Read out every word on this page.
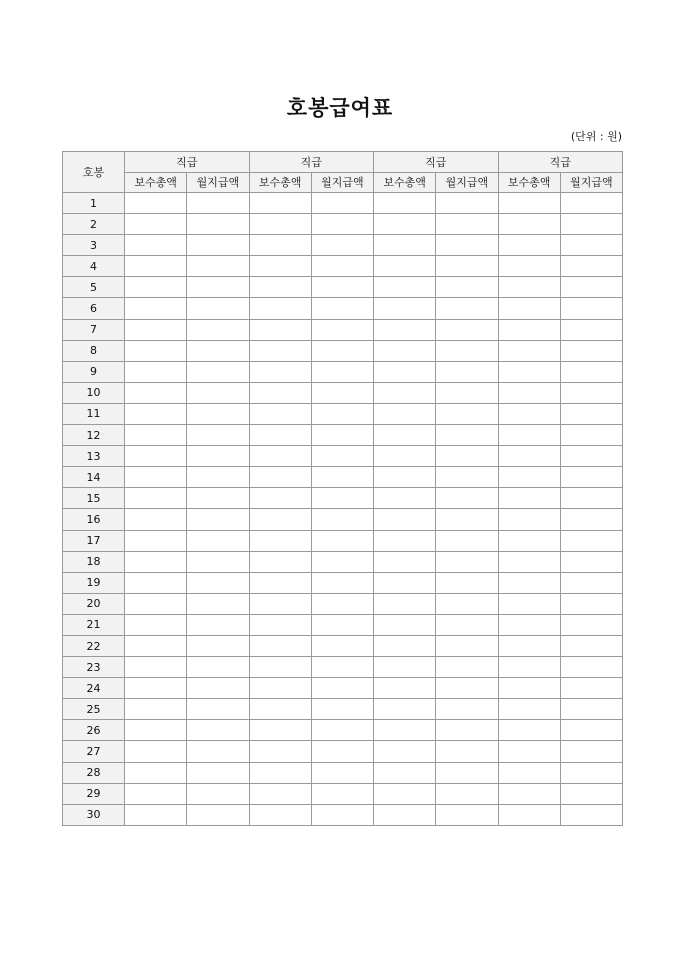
호봉급여표
(단위 : 원)
호봉	직급		직급		직급		직급	
	보수총액	월지급액	보수총액	월지급액	보수총액	월지급액	보수총액	월지급액
1								
2								
3								
4								
5								
6								
7								
8								
9								
10								
11								
12								
13								
14								
15								
16								
17								
18								
19								
20								
21								
22								
23								
24								
25								
26								
27								
28								
29								
30								
